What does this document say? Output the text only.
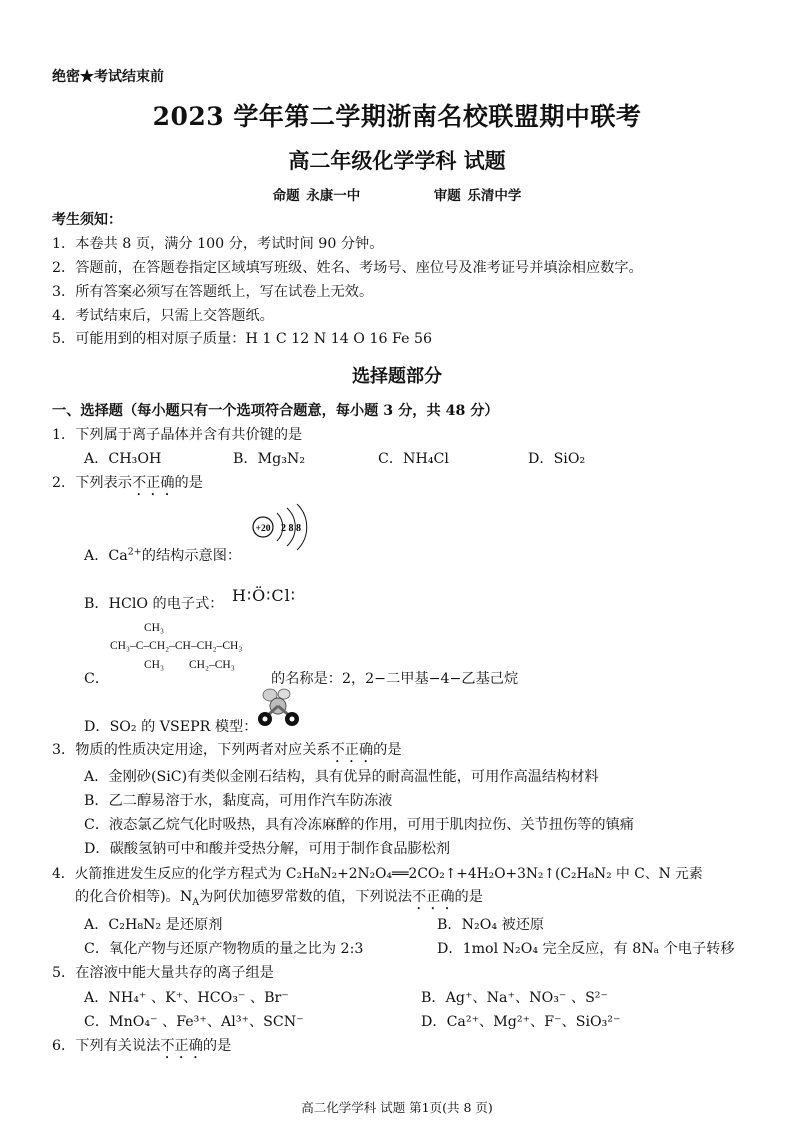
绝密★考试结束前
2023 学年第二学期浙南名校联盟期中联考
高二年级化学学科 试题
命题 永康一中	审题 乐清中学
考生须知：
1．本卷共 8 页，满分 100 分，考试时间 90 分钟。
2．答题前，在答题卷指定区域填写班级、姓名、考场号、座位号及准考证号并填涂相应数字。
3．所有答案必须写在答题纸上，写在试卷上无效。
4．考试结束后，只需上交答题纸。
5．可能用到的相对原子质量：H 1 C 12 N 14 O 16 Fe 56
选择题部分
一、选择题（每小题只有一个选项符合题意，每小题 3 分，共 48 分）
1．下列属于离子晶体并含有共价键的是
A．CH₃OH	B．Mg₃N₂	C．NH₄Cl	D．SiO₂
2．下列表示不正确的是
+20 2 8 8
A．$Ca^{2+}$的结构示意图：
B．HClO 的电子式： H∶Ö∶Cl∶
CH₃
CH₃–C–CH₂–CH–CH₂–CH₃
CH₃ CH₂–CH₃
C．	的名称是：2，2−二甲基−4−乙基己烷
D．SO₂ 的 VSEPR 模型：
3．物质的性质决定用途，下列两者对应关系不正确的是
A．金刚砂(SiC)有类似金刚石结构，具有优异的耐高温性能，可用作高温结构材料
B．乙二醇易溶于水，黏度高，可用作汽车防冻液
C．液态氯乙烷气化时吸热，具有冷冻麻醉的作用，可用于肌肉拉伤、关节扭伤等的镇痛
D．碳酸氢钠可中和酸并受热分解，可用于制作食品膨松剂
4．火箭推进发生反应的化学方程式为 C₂H₈N₂+2N₂O₄══2CO₂↑+4H₂O+3N₂↑(C₂H₈N₂ 中 C、N 元素
的化合价相等)。$N_A$为阿伏加德罗常数的值，下列说法不正确的是
A．C₂H₈N₂ 是还原剂	B．N₂O₄ 被还原
C．氧化产物与还原产物物质的量之比为 2:3	D．1mol N₂O₄ 完全反应，有 8Nₐ 个电子转移
5．在溶液中能大量共存的离子组是
A．NH₄⁺ 、K⁺、HCO₃⁻ 、Br⁻	B．Ag⁺、Na⁺、NO₃⁻ 、S²⁻
C．MnO₄⁻ 、Fe³⁺、Al³⁺、SCN⁻	D．Ca²⁺、Mg²⁺、F⁻、SiO₃²⁻
6．下列有关说法不正确的是
高二化学学科 试题 第1页(共 8 页)
